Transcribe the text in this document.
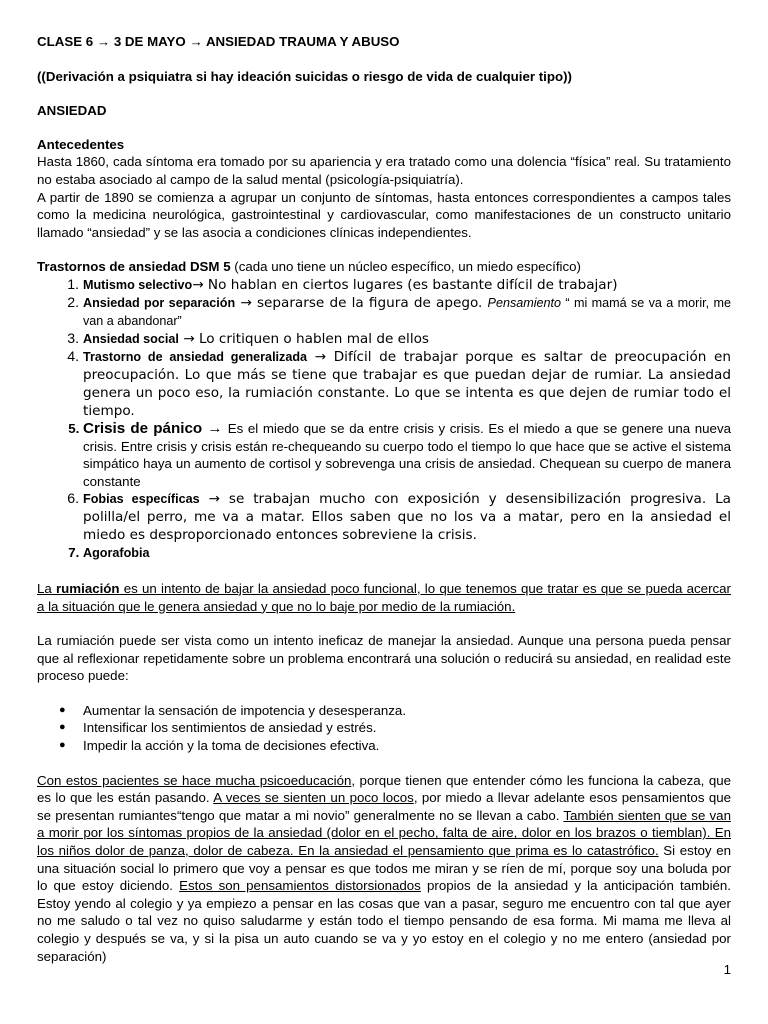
CLASE 6 → 3 DE MAYO → ANSIEDAD TRAUMA Y ABUSO
((Derivación a psiquiatra si hay ideación suicidas o riesgo de vida de cualquier tipo))
ANSIEDAD
Antecedentes

Hasta 1860, cada síntoma era tomado por su apariencia y era tratado como una dolencia “física” real. Su tratamiento no estaba asociado al campo de la salud mental (psicología-psiquiatría).

A partir de 1890 se comienza a agrupar un conjunto de síntomas, hasta entonces correspondientes a campos tales como la medicina neurológica, gastrointestinal y cardiovascular, como manifestaciones de un constructo unitario llamado “ansiedad” y se las asocia a condiciones clínicas independientes.

Trastornos de ansiedad DSM 5 (cada uno tiene un núcleo específico, un miedo específico)
1. Mutismo selectivo→ No hablan en ciertos lugares (es bastante difícil de trabajar)
2. Ansiedad por separación → separarse de la figura de apego. Pensamiento “ mi mamá se va a morir, me van a abandonar”
3. Ansiedad social → Lo critiquen o hablen mal de ellos
4. Trastorno de ansiedad generalizada → Difícil de trabajar porque es saltar de preocupación en preocupación. Lo que más se tiene que trabajar es que puedan dejar de rumiar. La ansiedad genera un poco eso, la rumiación constante. Lo que se intenta es que dejen de rumiar todo el tiempo.
5. Crisis de pánico → Es el miedo que se da entre crisis y crisis. Es el miedo a que se genere una nueva crisis. Entre crisis y crisis están re-chequeando su cuerpo todo el tiempo lo que hace que se active el sistema simpático haya un aumento de cortisol y sobrevenga una crisis de ansiedad. Chequean su cuerpo de manera constante
6. Fobias específicas → se trabajan mucho con exposición y desensibilización progresiva. La polilla/el perro, me va a matar. Ellos saben que no los va a matar, pero en la ansiedad el miedo es desproporcionado entonces sobreviene la crisis.
7. Agorafobia

La rumiación es un intento de bajar la ansiedad poco funcional, lo que tenemos que tratar es que se pueda acercar a la situación que le genera ansiedad y que no lo baje por medio de la rumiación.

La rumiación puede ser vista como un intento ineficaz de manejar la ansiedad. Aunque una persona pueda pensar que al reflexionar repetidamente sobre un problema encontrará una solución o reducirá su ansiedad, en realidad este proceso puede:

● Aumentar la sensación de impotencia y desesperanza.
● Intensificar los sentimientos de ansiedad y estrés.
● Impedir la acción y la toma de decisiones efectiva.

Con estos pacientes se hace mucha psicoeducación, porque tienen que entender cómo les funciona la cabeza, que es lo que les están pasando. A veces se sienten un poco locos, por miedo a llevar adelante esos pensamientos que se presentan rumiantes“tengo que matar a mi novio” generalmente no se llevan a cabo. También sienten que se van a morir por los síntomas propios de la ansiedad (dolor en el pecho, falta de aire, dolor en los brazos o tiemblan). En los niños dolor de panza, dolor de cabeza. En la ansiedad el pensamiento que prima es lo catastrófico. Si estoy en una situación social lo primero que voy a pensar es que todos me miran y se ríen de mí, porque soy una boluda por lo que estoy diciendo. Estos son pensamientos distorsionados propios de la ansiedad y la anticipación también. Estoy yendo al colegio y ya empiezo a pensar en las cosas que van a pasar, seguro me encuentro con tal que ayer no me saludo o tal vez no quiso saludarme y están todo el tiempo pensando de esa forma. Mi mama me lleva al colegio y después se va, y si la pisa un auto cuando se va y yo estoy en el colegio y no me entero (ansiedad por separación)

1
